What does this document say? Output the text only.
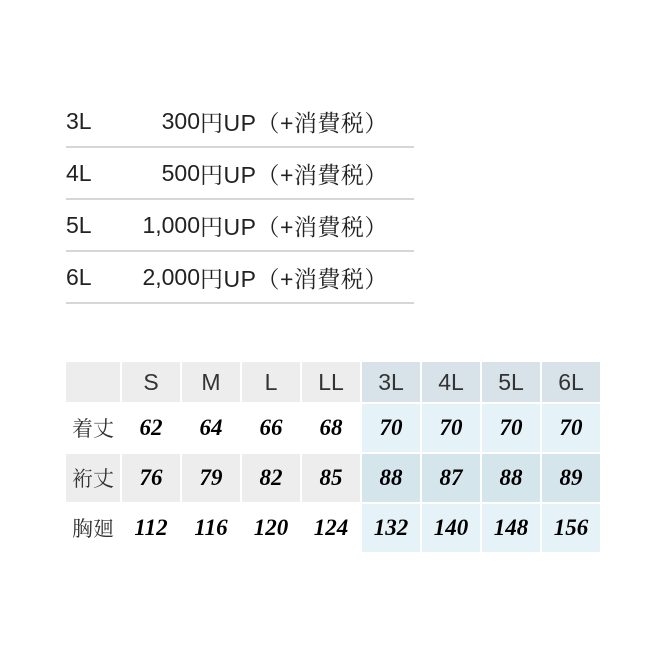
3L	300 円UP（+消費税）
4L	500 円UP（+消費税）
5L	1,000 円UP（+消費税）
6L	2,000 円UP（+消費税）
	S	M	L	LL	3L	4L	5L	6L
着丈	62	64	66	68	70	70	70	70
裄丈	76	79	82	85	88	87	88	89
胸廻	112	116	120	124	132	140	148	156
